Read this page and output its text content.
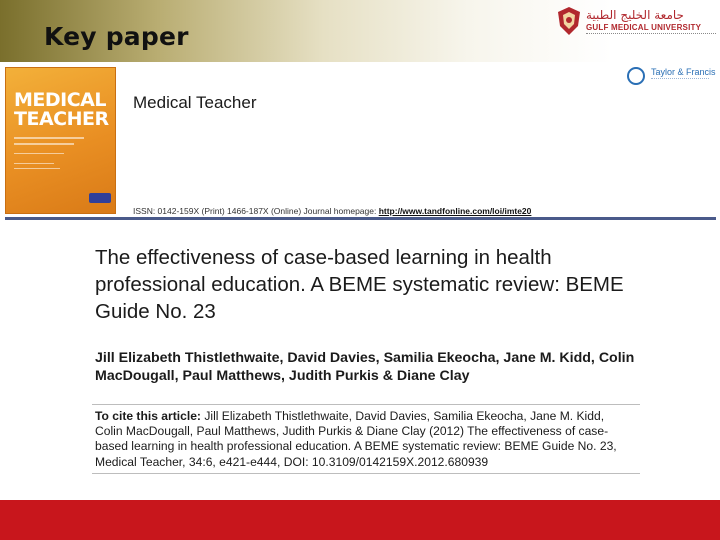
Key paper
جامعة الخليج الطبية
GULF MEDICAL UNIVERSITY
MEDICAL
TEACHER
Medical Teacher
Taylor & Francis
ISSN: 0142-159X (Print) 1466-187X (Online) Journal homepage: http://www.tandfonline.com/loi/imte20
The effectiveness of case-based learning in health professional education. A BEME systematic review: BEME Guide No. 23
Jill Elizabeth Thistlethwaite, David Davies, Samilia Ekeocha, Jane M. Kidd, Colin MacDougall, Paul Matthews, Judith Purkis & Diane Clay
To cite this article: Jill Elizabeth Thistlethwaite, David Davies, Samilia Ekeocha, Jane M. Kidd, Colin MacDougall, Paul Matthews, Judith Purkis & Diane Clay (2012) The effectiveness of case-based learning in health professional education. A BEME systematic review: BEME Guide No. 23, Medical Teacher, 34:6, e421-e444, DOI: 10.3109/0142159X.2012.680939
